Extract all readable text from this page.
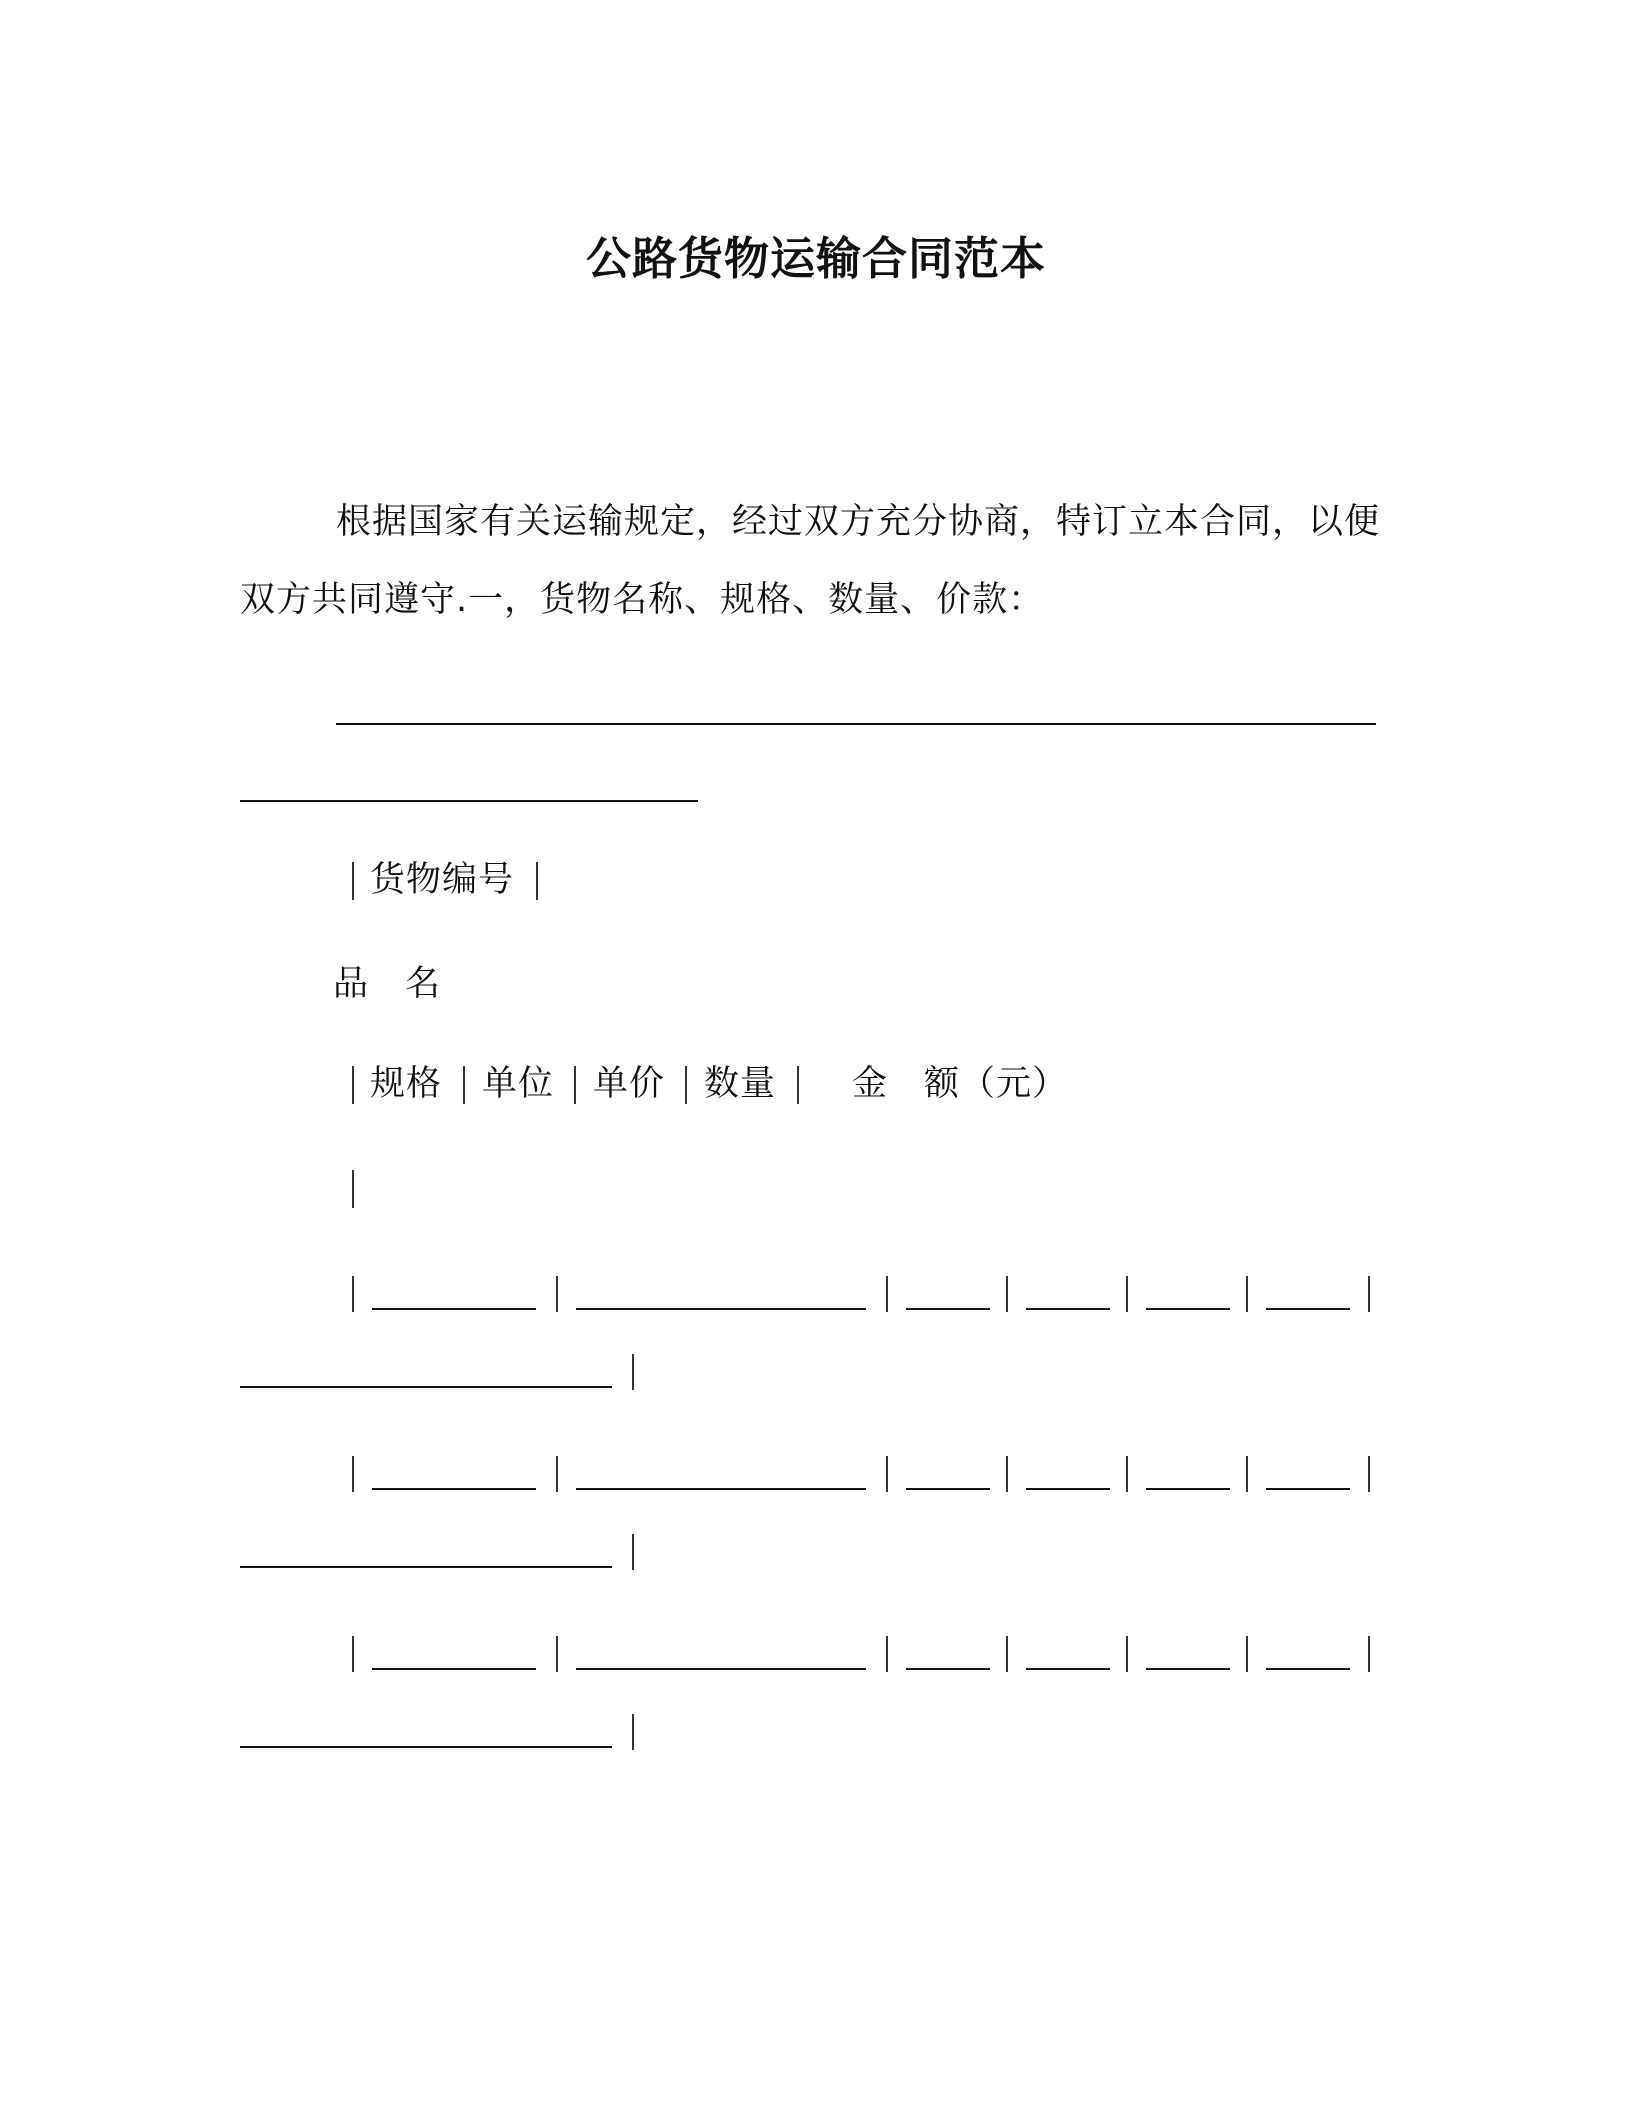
公路货物运输合同范本

根据国家有关运输规定，经过双方充分协商，特订立本合同，以便双方共同遵守.一，货物名称、规格、数量、价款：

货物编号
品　名
规格 单位 单价 数量 金　额（元）
